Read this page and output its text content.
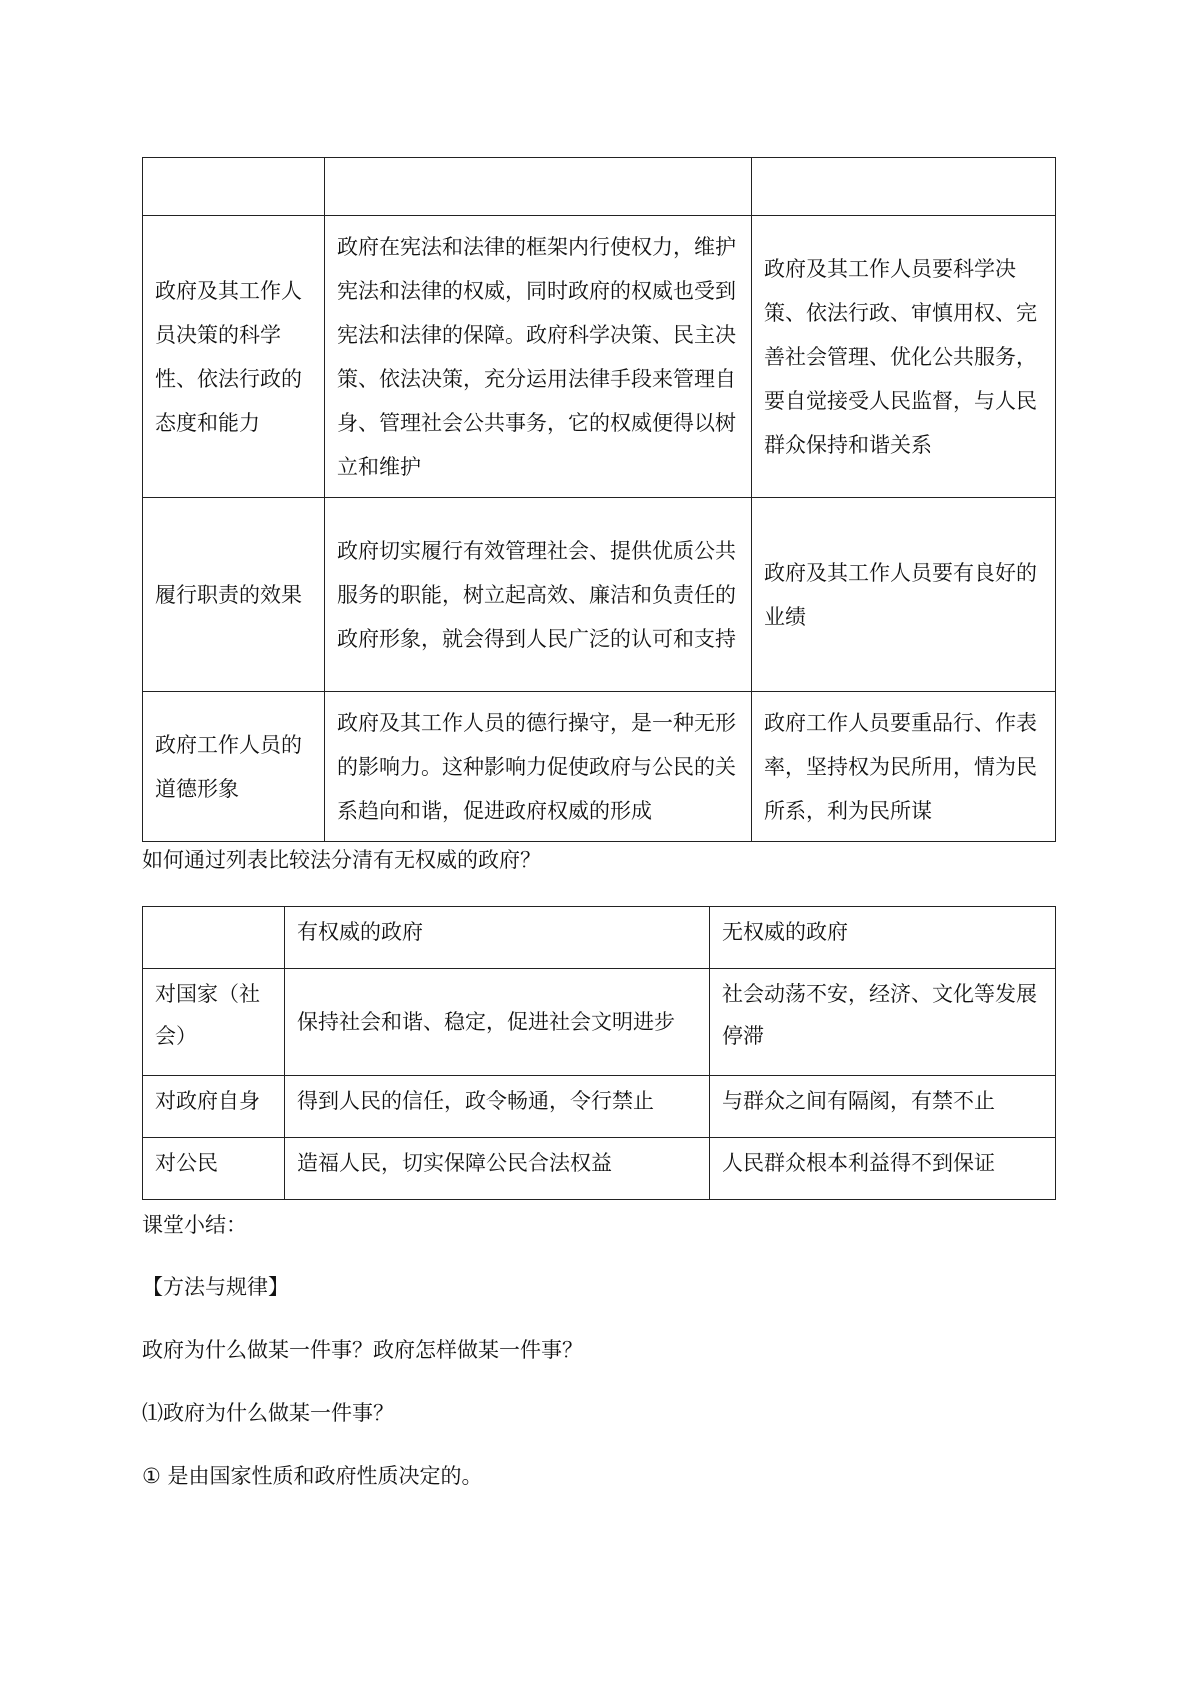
政府及其工作人员决策的科学性、依法行政的态度和能力	政府在宪法和法律的框架内行使权力，维护宪法和法律的权威，同时政府的权威也受到宪法和法律的保障。政府科学决策、民主决策、依法决策，充分运用法律手段来管理自身、管理社会公共事务，它的权威便得以树立和维护	政府及其工作人员要科学决策、依法行政、审慎用权、完善社会管理、优化公共服务，要自觉接受人民监督，与人民群众保持和谐关系
履行职责的效果	政府切实履行有效管理社会、提供优质公共服务的职能，树立起高效、廉洁和负责任的政府形象，就会得到人民广泛的认可和支持	政府及其工作人员要有良好的业绩
政府工作人员的道德形象	政府及其工作人员的德行操守，是一种无形的影响力。这种影响力促使政府与公民的关系趋向和谐，促进政府权威的形成	政府工作人员要重品行、作表率，坚持权为民所用，情为民所系，利为民所谋
如何通过列表比较法分清有无权威的政府？
	有权威的政府	无权威的政府
对国家（社会）	保持社会和谐、稳定，促进社会文明进步	社会动荡不安，经济、文化等发展停滞
对政府自身	得到人民的信任，政令畅通，令行禁止	与群众之间有隔阂，有禁不止
对公民	造福人民，切实保障公民合法权益	人民群众根本利益得不到保证
课堂小结：
【方法与规律】
政府为什么做某一件事？政府怎样做某一件事？
⑴政府为什么做某一件事？
① 是由国家性质和政府性质决定的。
